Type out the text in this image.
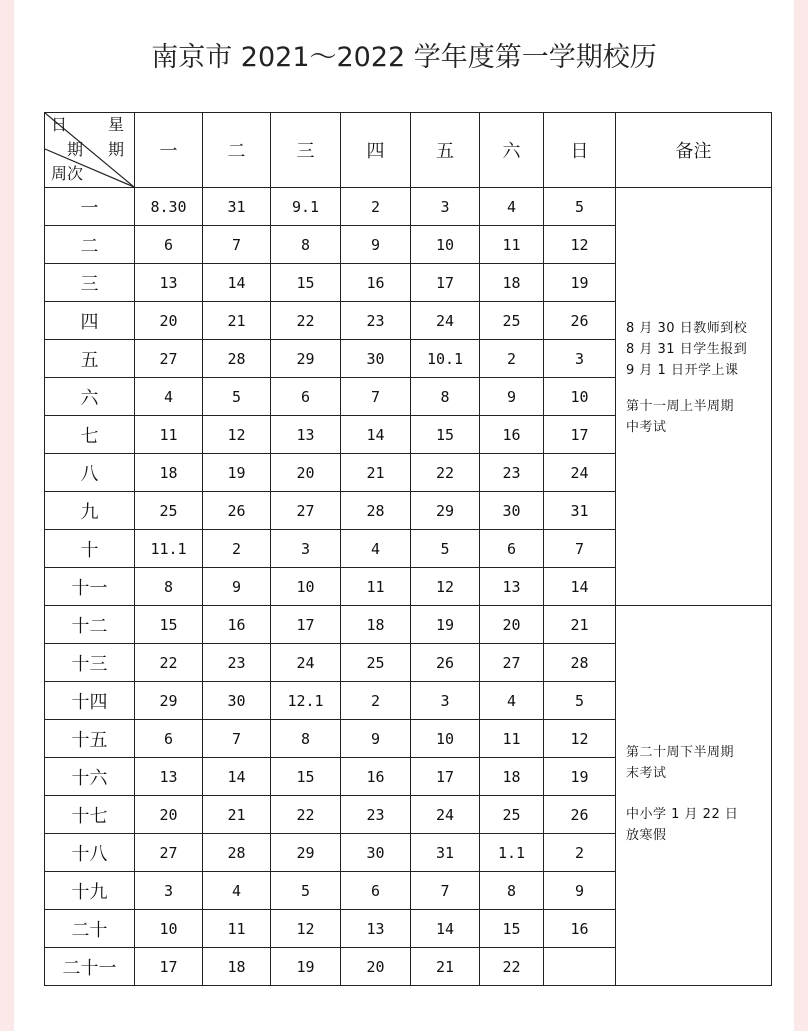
南京市 2021～2022 学年度第一学期校历
日 星
期 期
周次	一	二	三	四	五	六	日	备注
一	8.30	31	9.1	2	3	4	5	8 月 30 日教师到校
8 月 31 日学生报到
9 月 1 日开学上课
第十一周上半周期
中考试

二	6	7	8	9	10	11	12	
三	13	14	15	16	17	18	19	
四	20	21	22	23	24	25	26	
五	27	28	29	30	10.1	2	3	
六	4	5	6	7	8	9	10	
七	11	12	13	14	15	16	17	
八	18	19	20	21	22	23	24	
九	25	26	27	28	29	30	31	
十	11.1	2	3	4	5	6	7	
十一	8	9	10	11	12	13	14	
十二	15	16	17	18	19	20	21	第二十周下半周期
末考试
中小学 1 月 22 日
放寒假

十三	22	23	24	25	26	27	28	
十四	29	30	12.1	2	3	4	5	
十五	6	7	8	9	10	11	12	
十六	13	14	15	16	17	18	19	
十七	20	21	22	23	24	25	26	
十八	27	28	29	30	31	1.1	2	
十九	3	4	5	6	7	8	9	
二十	10	11	12	13	14	15	16	
二十一	17	18	19	20	21	22		
